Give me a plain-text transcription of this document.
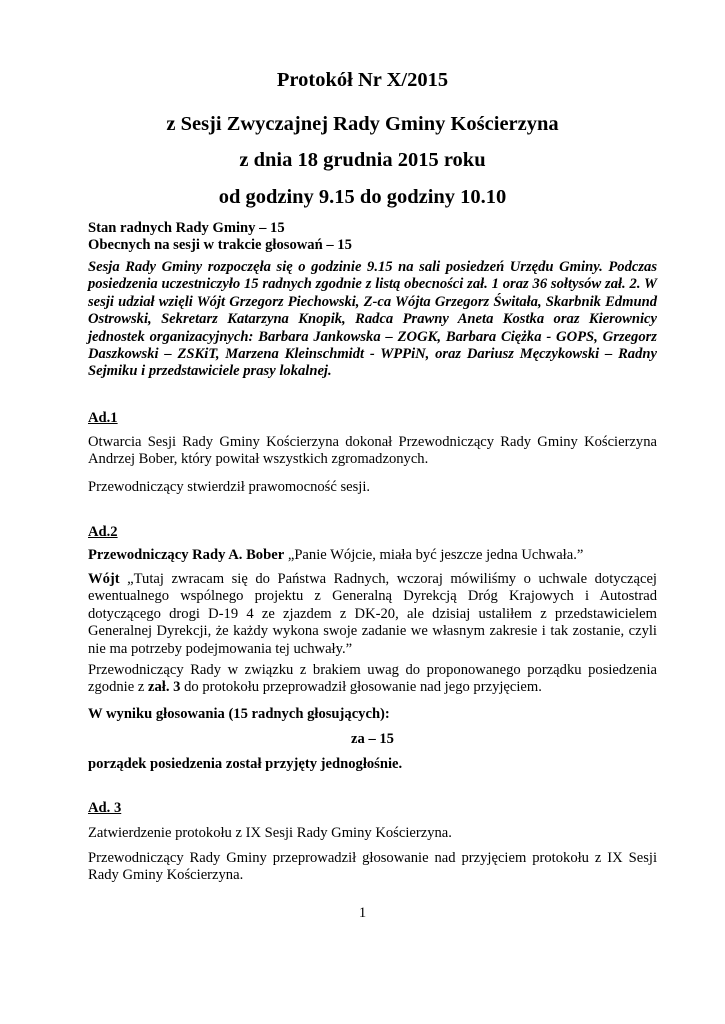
Protokół Nr X/2015
z Sesji Zwyczajnej Rady Gminy Kościerzyna
z dnia 18 grudnia 2015 roku
od godziny 9.15 do godziny 10.10
Stan radnych Rady Gminy – 15
Obecnych na sesji w trakcie głosowań – 15
Sesja Rady Gminy rozpoczęła się o godzinie 9.15 na sali posiedzeń Urzędu Gminy. Podczas posiedzenia uczestniczyło 15 radnych zgodnie z listą obecności zał. 1 oraz 36 sołtysów zał. 2. W sesji udział wzięli Wójt Grzegorz Piechowski, Z-ca Wójta Grzegorz Świtała, Skarbnik Edmund Ostrowski, Sekretarz Katarzyna Knopik, Radca Prawny Aneta Kostka oraz Kierownicy jednostek organizacyjnych: Barbara Jankowska – ZOGK, Barbara Ciężka - GOPS, Grzegorz Daszkowski – ZSKiT, Marzena Kleinschmidt - WPPiN, oraz Dariusz Męczykowski – Radny Sejmiku i przedstawiciele prasy lokalnej.
Ad.1
Otwarcia Sesji Rady Gminy Kościerzyna dokonał Przewodniczący Rady Gminy Kościerzyna Andrzej Bober, który powitał wszystkich zgromadzonych.
Przewodniczący stwierdził prawomocność sesji.
Ad.2
Przewodniczący Rady A. Bober „Panie Wójcie, miała być jeszcze jedna Uchwała.”
Wójt „Tutaj zwracam się do Państwa Radnych, wczoraj mówiliśmy o uchwale dotyczącej ewentualnego wspólnego projektu z Generalną Dyrekcją Dróg Krajowych i Autostrad dotyczącego drogi D-19 4 ze zjazdem z DK-20, ale dzisiaj ustaliłem z przedstawicielem Generalnej Dyrekcji, że każdy wykona swoje zadanie we własnym zakresie i tak zostanie, czyli nie ma potrzeby podejmowania tej uchwały.”
Przewodniczący Rady w związku z brakiem uwag do proponowanego porządku posiedzenia zgodnie z zał. 3 do protokołu przeprowadził głosowanie nad jego przyjęciem.
W wyniku głosowania (15 radnych głosujących):
za – 15
porządek posiedzenia został przyjęty jednogłośnie.
Ad. 3
Zatwierdzenie protokołu z IX Sesji Rady Gminy Kościerzyna.
Przewodniczący Rady Gminy przeprowadził głosowanie nad przyjęciem protokołu z IX Sesji Rady Gminy Kościerzyna.
1
